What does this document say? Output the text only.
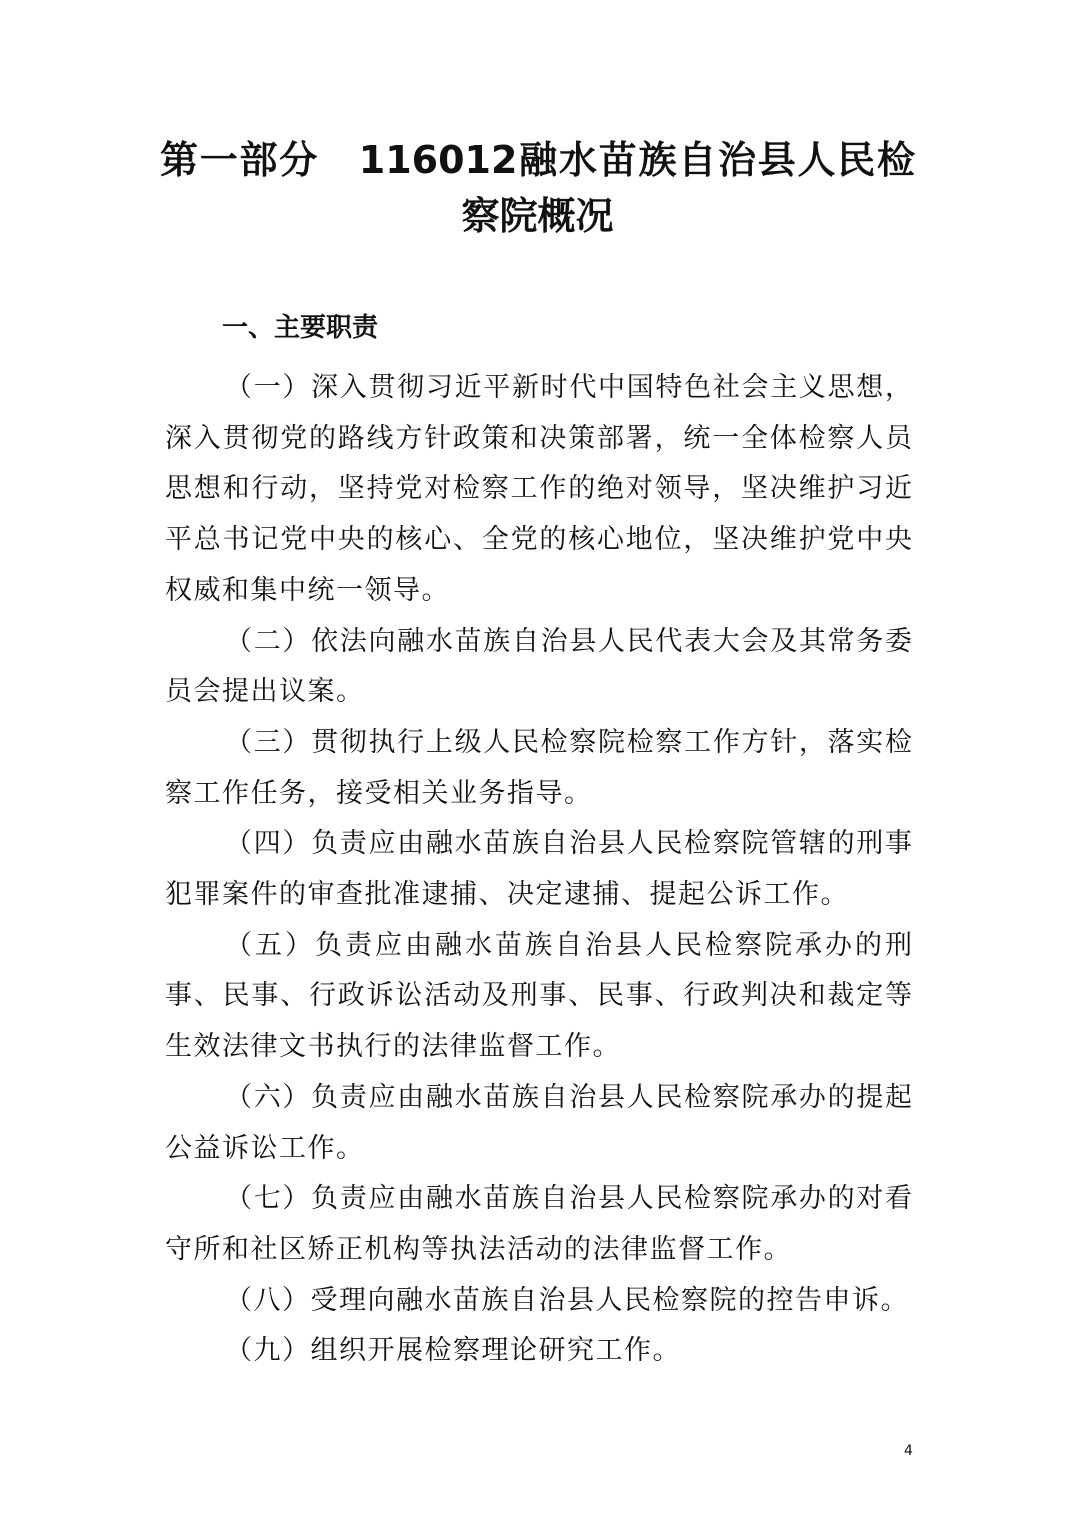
第一部分　116012融水苗族自治县人民检
察院概况
一、主要职责
（一）深入贯彻习近平新时代中国特色社会主义思想，
深入贯彻党的路线方针政策和决策部署，统一全体检察人员
思想和行动，坚持党对检察工作的绝对领导，坚决维护习近
平总书记党中央的核心、全党的核心地位，坚决维护党中央
权威和集中统一领导。
（二）依法向融水苗族自治县人民代表大会及其常务委
员会提出议案。
（三）贯彻执行上级人民检察院检察工作方针，落实检
察工作任务，接受相关业务指导。
（四）负责应由融水苗族自治县人民检察院管辖的刑事
犯罪案件的审查批准逮捕、决定逮捕、提起公诉工作。
（五）负责应由融水苗族自治县人民检察院承办的刑
事、民事、行政诉讼活动及刑事、民事、行政判决和裁定等
生效法律文书执行的法律监督工作。
（六）负责应由融水苗族自治县人民检察院承办的提起
公益诉讼工作。
（七）负责应由融水苗族自治县人民检察院承办的对看
守所和社区矫正机构等执法活动的法律监督工作。
（八）受理向融水苗族自治县人民检察院的控告申诉。
（九）组织开展检察理论研究工作。
4
